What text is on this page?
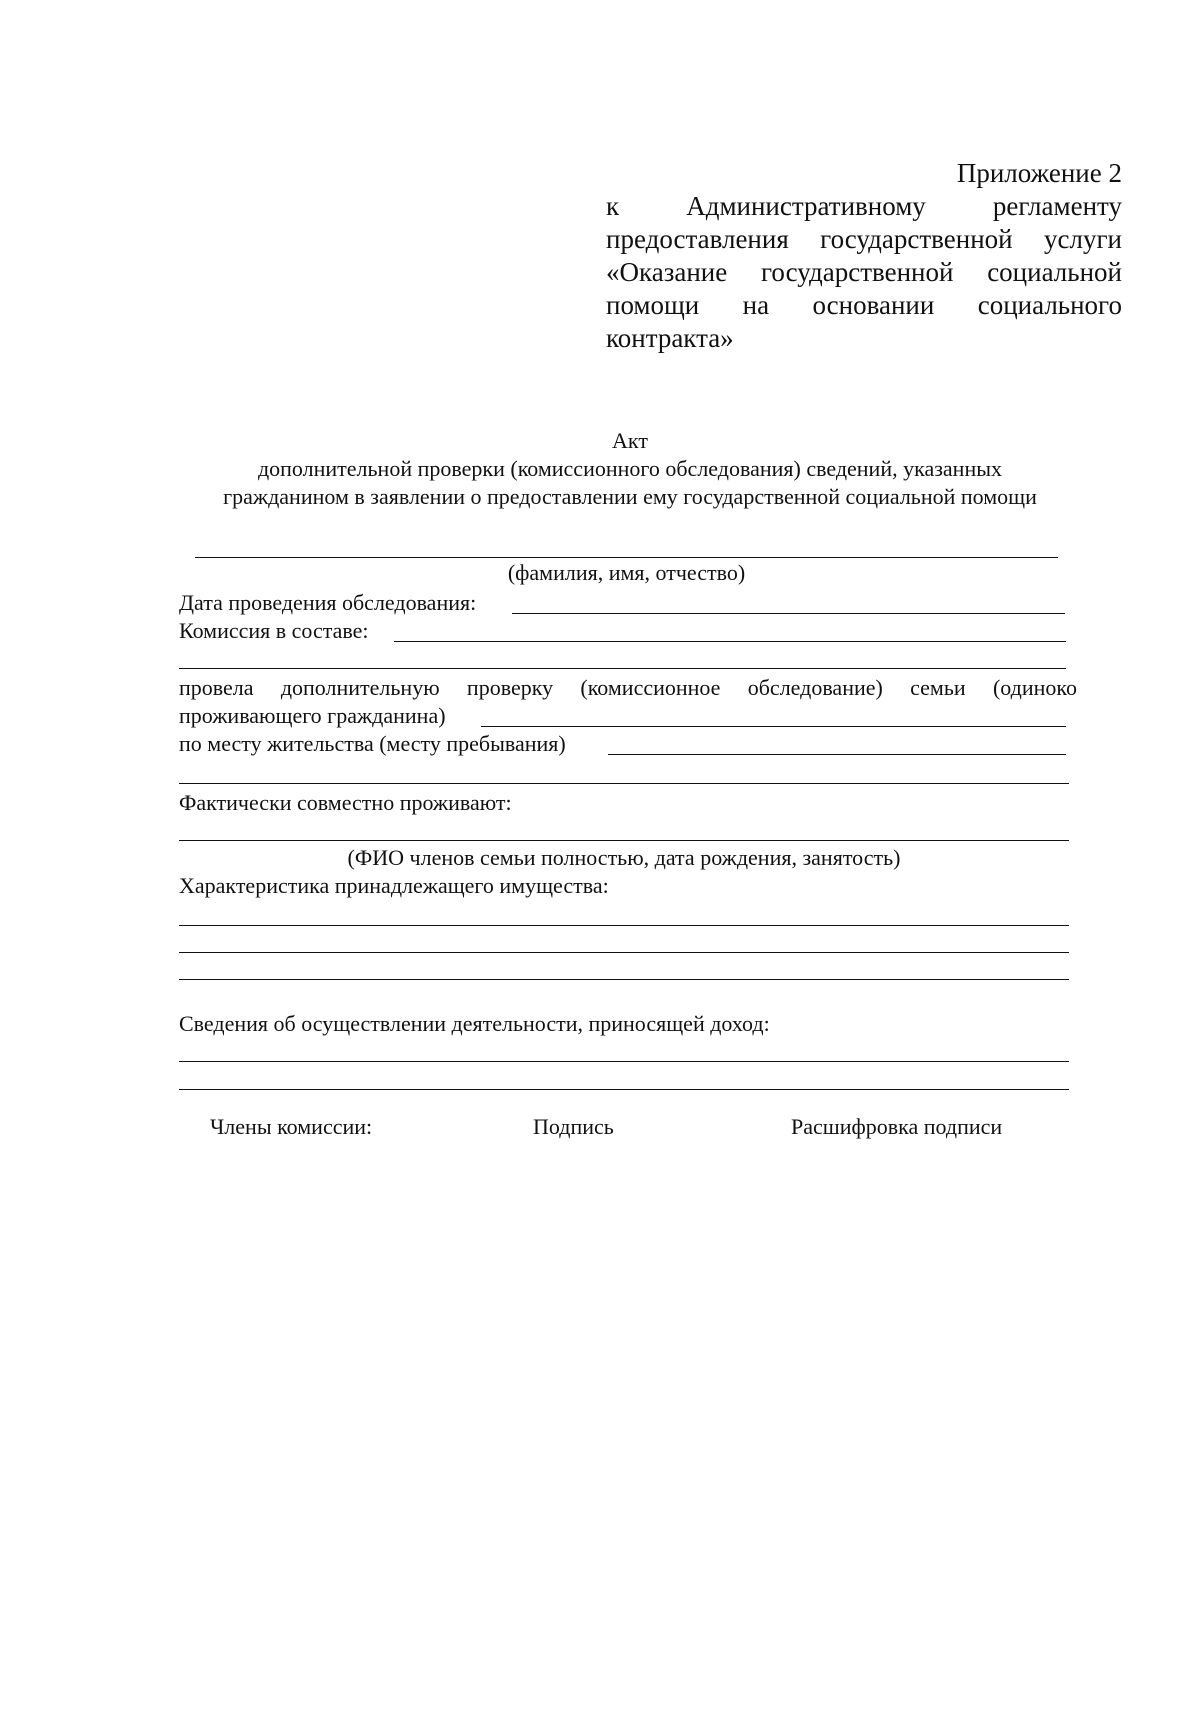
Приложение 2
к Административному регламенту
предоставления государственной услуги
«Оказание государственной социальной
помощи на основании социального
контракта»
Акт
дополнительной проверки (комиссионного обследования) сведений, указанных
гражданином в заявлении о предоставлении ему государственной социальной помощи
(фамилия, имя, отчество)
Дата проведения обследования:
Комиссия в составе:
провела дополнительную проверку (комиссионное обследование) семьи (одиноко
проживающего гражданина)
по месту жительства (месту пребывания)
Фактически совместно проживают:
(ФИО членов семьи полностью, дата рождения, занятость)
Характеристика принадлежащего имущества:
Сведения об осуществлении деятельности, приносящей доход:
Члены комиссии:	Подпись	Расшифровка подписи
